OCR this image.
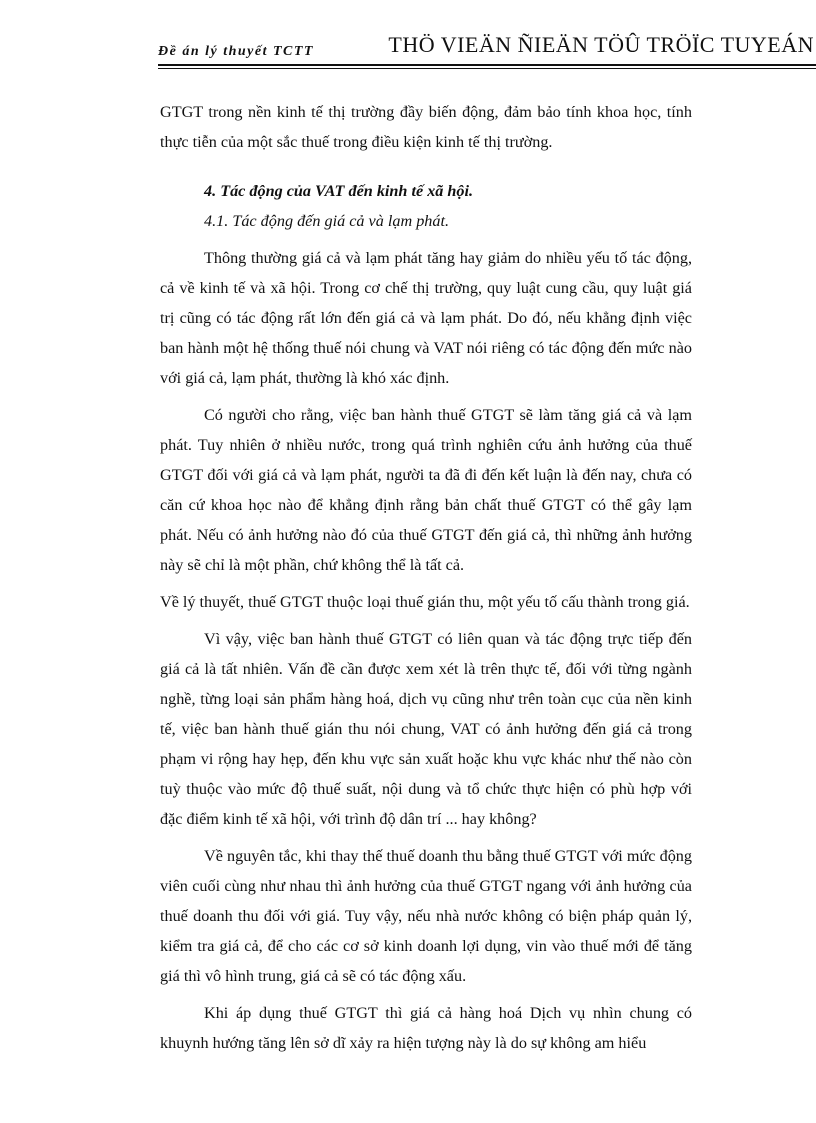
Đề án lý thuyết TCTT	THÖ VIEÄN ÑIEÄN TÖÛ TRÖÏC TUYEÁN

GTGT trong nền kinh tế thị trường đầy biến động, đảm bảo tính khoa học, tính thực tiễn của một sắc thuế trong điều kiện kinh tế thị trường.

4. Tác động của VAT đến kinh tế xã hội.

4.1. Tác động đến giá cả và lạm phát.

Thông thường giá cả và lạm phát tăng hay giảm do nhiều yếu tố tác động, cả về kinh tế và xã hội. Trong cơ chế thị trường, quy luật cung cầu, quy luật giá trị cũng có tác động rất lớn đến giá cả và lạm phát. Do đó, nếu khẳng định việc ban hành một hệ thống thuế nói chung và VAT nói riêng có tác động đến mức nào với giá cả, lạm phát, thường là khó xác định.

Có người cho rằng, việc ban hành thuế GTGT sẽ làm tăng giá cả và lạm phát. Tuy nhiên ở nhiều nước, trong quá trình nghiên cứu ảnh hưởng của thuế GTGT đối với giá cả và lạm phát, người ta đã đi đến kết luận là đến nay, chưa có căn cứ khoa học nào để khẳng định rằng bản chất thuế GTGT có thể gây lạm phát. Nếu có ảnh hưởng nào đó của thuế GTGT đến giá cả, thì những ảnh hưởng này sẽ chỉ là một phần, chứ không thể là tất cả.

Về lý thuyết, thuế GTGT thuộc loại thuế gián thu, một yếu tố cấu thành trong giá.

Vì vậy, việc ban hành thuế GTGT có liên quan và tác động trực tiếp đến giá cả là tất nhiên. Vấn đề cần được xem xét là trên thực tế, đối với từng ngành nghề, từng loại sản phẩm hàng hoá, dịch vụ cũng như trên toàn cục của nền kinh tế, việc ban hành thuế gián thu nói chung, VAT có ảnh hưởng đến giá cả trong phạm vi rộng hay hẹp, đến khu vực sản xuất hoặc khu vực khác như thế nào còn tuỳ thuộc vào mức độ thuế suất, nội dung và tổ chức thực hiện có phù hợp với đặc điểm kinh tế xã hội, với trình độ dân trí ... hay không?

Về nguyên tắc, khi thay thế thuế doanh thu bằng thuế GTGT với mức động viên cuối cùng như nhau thì ảnh hưởng của thuế GTGT ngang với ảnh hưởng của thuế doanh thu đối với giá. Tuy vậy, nếu nhà nước không có biện pháp quản lý, kiểm tra giá cả, để cho các cơ sở kinh doanh lợi dụng, vin vào thuế mới để tăng giá thì vô hình trung, giá cả sẽ có tác động xấu.

Khi áp dụng thuế GTGT thì giá cả hàng hoá Dịch vụ nhìn chung có khuynh hướng tăng lên sở dĩ xảy ra hiện tượng này là do sự không am hiểu
